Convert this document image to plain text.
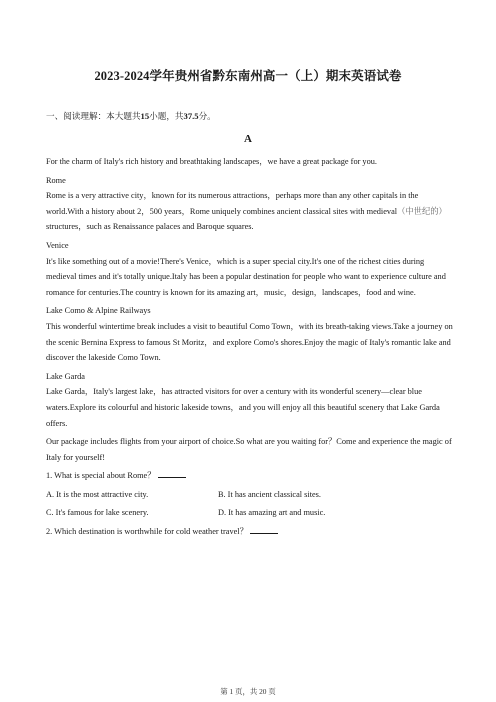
2023-2024学年贵州省黔东南州高一（上）期末英语试卷
一、阅读理解：本大题共15小题，共37.5分。
A

For the charm of Italy's rich history and breathtaking landscapes，we have a great package for you.

Rome

Rome is a very attractive city，known for its numerous attractions，perhaps more than any other capitals in the world.With a history about 2，500 years，Rome uniquely combines ancient classical sites with medieval（中世纪的）structures，such as Renaissance palaces and Baroque squares.

Venice

It's like something out of a movie!There's Venice，which is a super special city.It's one of the richest cities during medieval times and it's totally unique.Italy has been a popular destination for people who want to experience culture and romance for centuries.The country is known for its amazing art，music，design，landscapes，food and wine.

Lake Como & Alpine Railways

This wonderful wintertime break includes a visit to beautiful Como Town，with its breath-taking views.Take a journey on the scenic Bernina Express to famous St Moritz，and explore Como's shores.Enjoy the magic of Italy's romantic lake and discover the lakeside Como Town.

Lake Garda

Lake Garda，Italy's largest lake，has attracted visitors for over a century with its wonderful scenery—clear blue waters.Explore its colourful and historic lakeside towns，and you will enjoy all this beautiful scenery that Lake Garda offers.

Our package includes flights from your airport of choice.So what are you waiting for？Come and experience the magic of Italy for yourself!

1. What is special about Rome？

A. It is the most attractive city.	B. It has ancient classical sites.
C. It's famous for lake scenery.	D. It has amazing art and music.

2. Which destination is worthwhile for cold weather travel？

第 1 页，共 20 页
